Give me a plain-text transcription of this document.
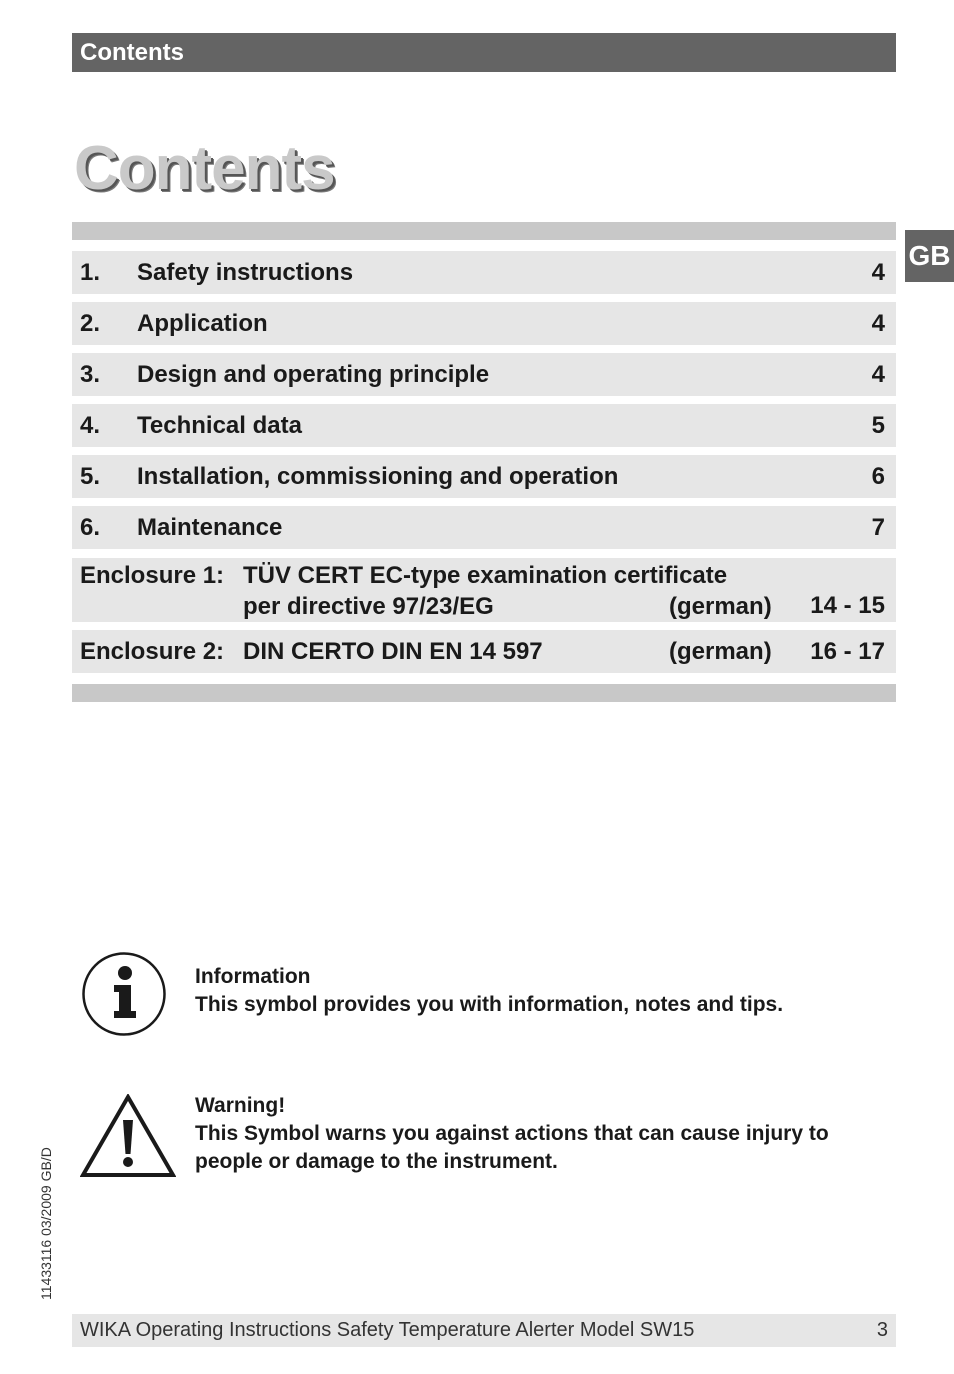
Contents
Contents
GB
1. Safety instructions	4
2. Application	4
3. Design and operating principle	4
4. Technical data	5
5. Installation, commissioning and operation	6
6. Maintenance	7
Enclosure 1: TÜV CERT EC-type examination certificate
per directive 97/23/EG	(german) 14 - 15
Enclosure 2: DIN CERTO DIN EN 14 597	(german) 16 - 17
Information
This symbol provides you with information, notes and tips.
Warning!
This Symbol warns you against actions that can cause injury to
people or damage to the instrument.
11433116 03/2009 GB/D
WIKA Operating Instructions Safety Temperature Alerter Model SW15	3
